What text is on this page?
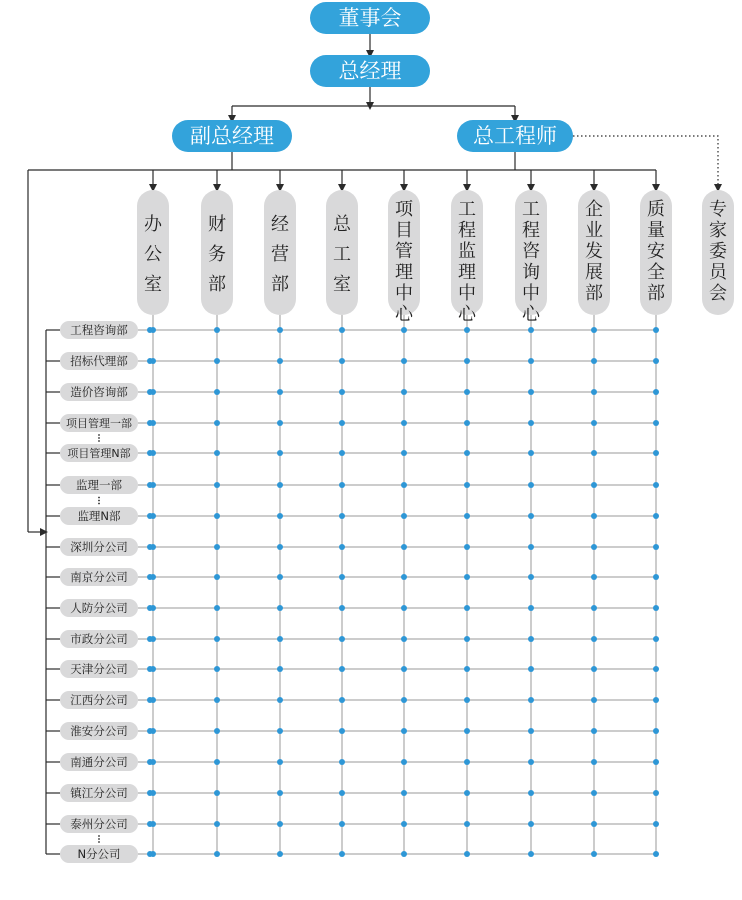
董事会
总经理
副总经理	总工程师
办公室
财务部
经营部
总工室
项目管理中心
工程监理中心
工程咨询中心
企业发展部
质量安全部
专家委员会
工程咨询部
招标代理部
造价咨询部
项目管理一部
项目管理N部
监理一部
监理N部
深圳分公司
南京分公司
人防分公司
市政分公司
天津分公司
江西分公司
淮安分公司
南通分公司
镇江分公司
泰州分公司
N分公司
